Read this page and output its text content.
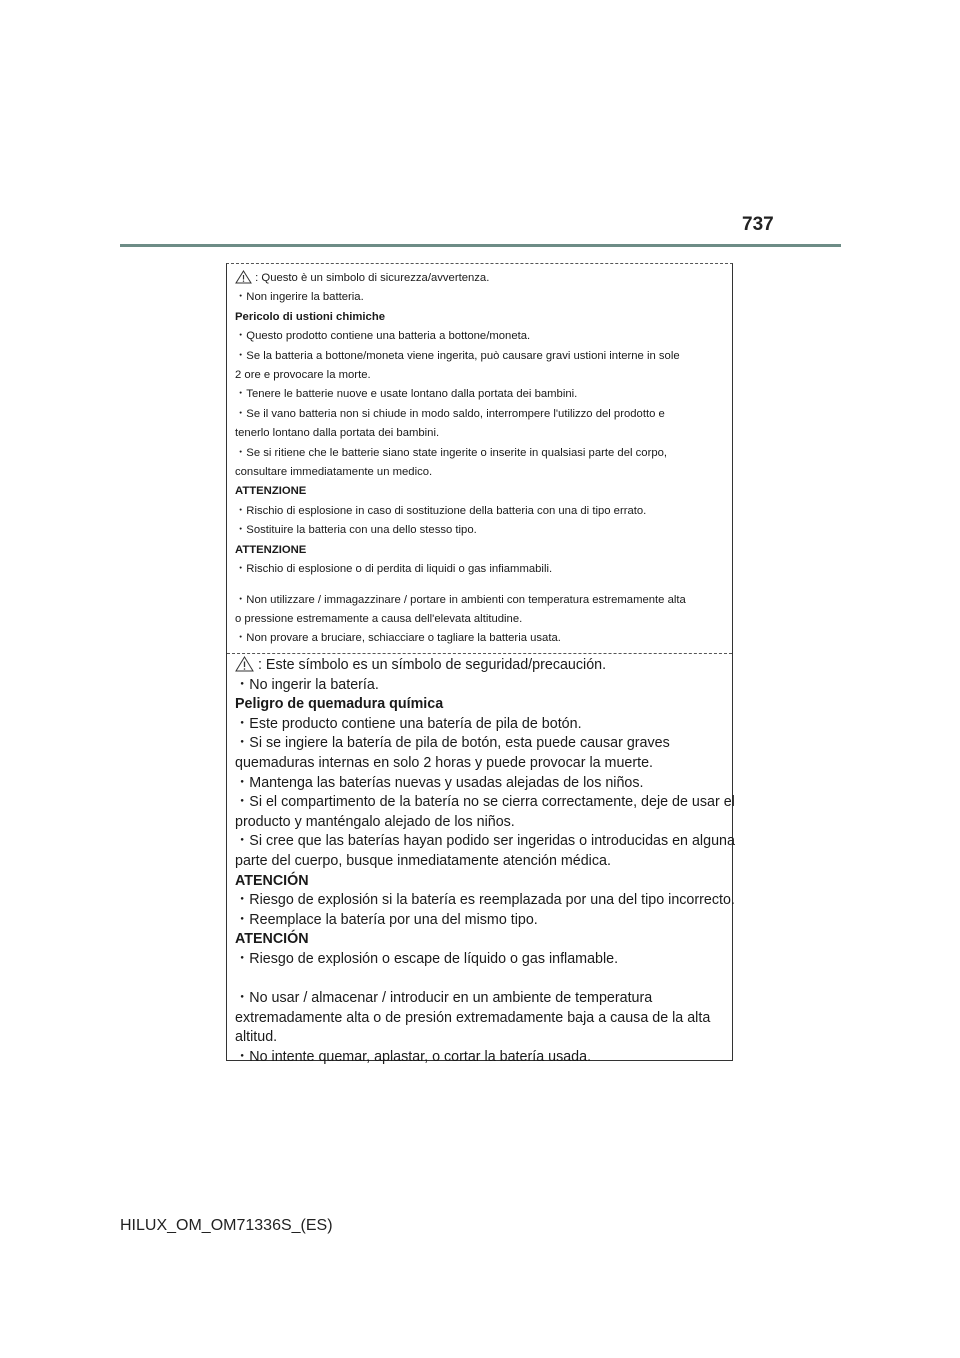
737
: Questo è un simbolo di sicurezza/avvertenza.
・Non ingerire la batteria.
Pericolo di ustioni chimiche
・Questo prodotto contiene una batteria a bottone/moneta.
・Se la batteria a bottone/moneta viene ingerita, può causare gravi ustioni interne in sole
2 ore e provocare la morte.
・Tenere le batterie nuove e usate lontano dalla portata dei bambini.
・Se il vano batteria non si chiude in modo saldo, interrompere l'utilizzo del prodotto e
tenerlo lontano dalla portata dei bambini.
・Se si ritiene che le batterie siano state ingerite o inserite in qualsiasi parte del corpo,
consultare immediatamente un medico.
ATTENZIONE
・Rischio di esplosione in caso di sostituzione della batteria con una di tipo errato.
・Sostituire la batteria con una dello stesso tipo.
ATTENZIONE
・Rischio di esplosione o di perdita di liquidi o gas infiammabili.
・Non utilizzare / immagazzinare / portare in ambienti con temperatura estremamente alta
o pressione estremamente a causa dell'elevata altitudine.
・Non provare a bruciare, schiacciare o tagliare la batteria usata.
: Este símbolo es un símbolo de seguridad/precaución.
・No ingerir la batería.
Peligro de quemadura química
・Este producto contiene una batería de pila de botón.
・Si se ingiere la batería de pila de botón, esta puede causar graves
quemaduras internas en solo 2 horas y puede provocar la muerte.
・Mantenga las baterías nuevas y usadas alejadas de los niños.
・Si el compartimento de la batería no se cierra correctamente, deje de usar el
producto y manténgalo alejado de los niños.
・Si cree que las baterías hayan podido ser ingeridas o introducidas en alguna
parte del cuerpo, busque inmediatamente atención médica.
ATENCIÓN
・Riesgo de explosión si la batería es reemplazada por una del tipo incorrecto.
・Reemplace la batería por una del mismo tipo.
ATENCIÓN
・Riesgo de explosión o escape de líquido o gas inflamable.
・No usar / almacenar / introducir en un ambiente de temperatura
extremadamente alta o de presión extremadamente baja a causa de la alta
altitud.
・No intente quemar, aplastar, o cortar la batería usada.
HILUX_OM_OM71336S_(ES)
